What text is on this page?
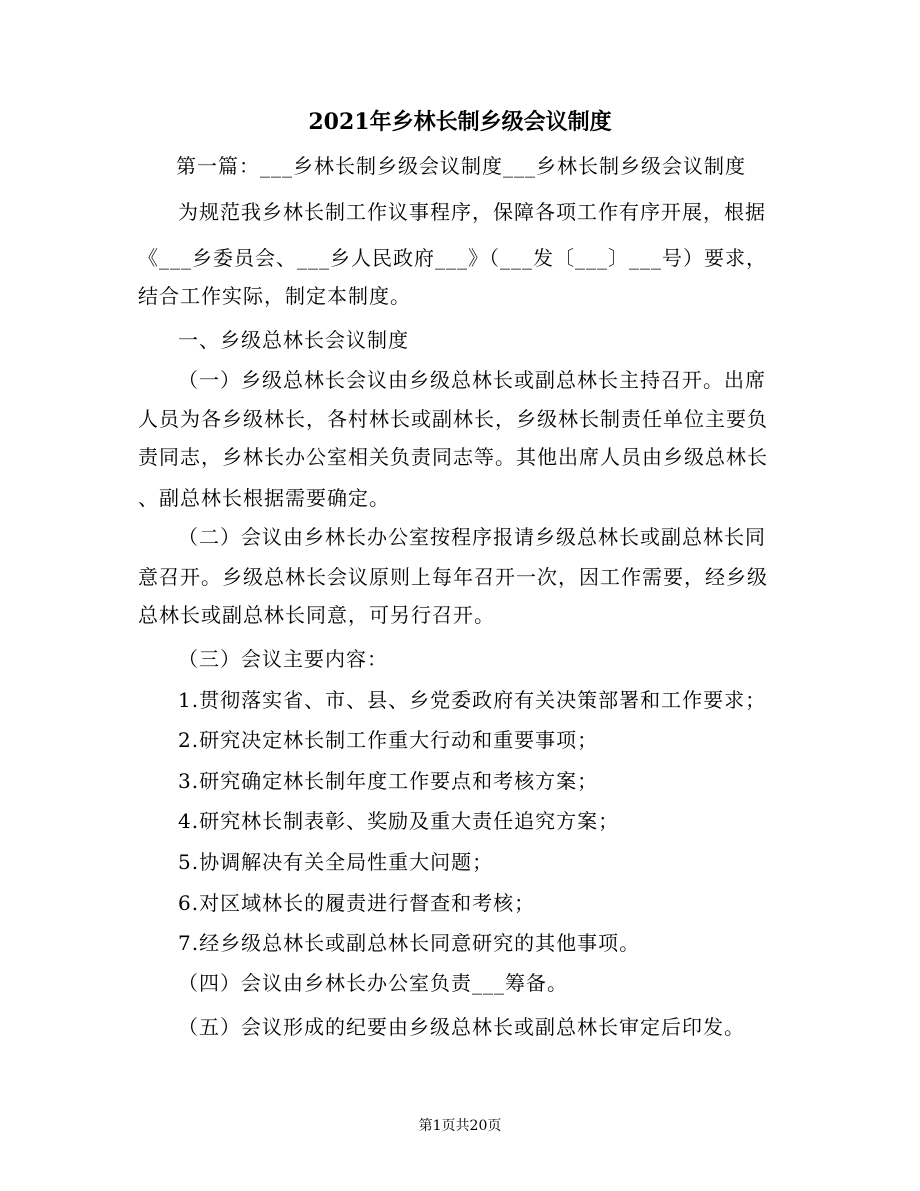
2021年乡林长制乡级会议制度
第一篇：___乡林长制乡级会议制度___乡林长制乡级会议制度
为规范我乡林长制工作议事程序，保障各项工作有序开展，根据
《___乡委员会、___乡人民政府___》（___发〔___〕___号）要求，
结合工作实际，制定本制度。
一、乡级总林长会议制度
（一）乡级总林长会议由乡级总林长或副总林长主持召开。出席
人员为各乡级林长，各村林长或副林长，乡级林长制责任单位主要负
责同志，乡林长办公室相关负责同志等。其他出席人员由乡级总林长
、副总林长根据需要确定。
（二）会议由乡林长办公室按程序报请乡级总林长或副总林长同
意召开。乡级总林长会议原则上每年召开一次，因工作需要，经乡级
总林长或副总林长同意，可另行召开。
（三）会议主要内容：
1.贯彻落实省、市、县、乡党委政府有关决策部署和工作要求；
2.研究决定林长制工作重大行动和重要事项；
3.研究确定林长制年度工作要点和考核方案；
4.研究林长制表彰、奖励及重大责任追究方案；
5.协调解决有关全局性重大问题；
6.对区域林长的履责进行督查和考核；
7.经乡级总林长或副总林长同意研究的其他事项。
（四）会议由乡林长办公室负责___筹备。
（五）会议形成的纪要由乡级总林长或副总林长审定后印发。
第1页共20页
